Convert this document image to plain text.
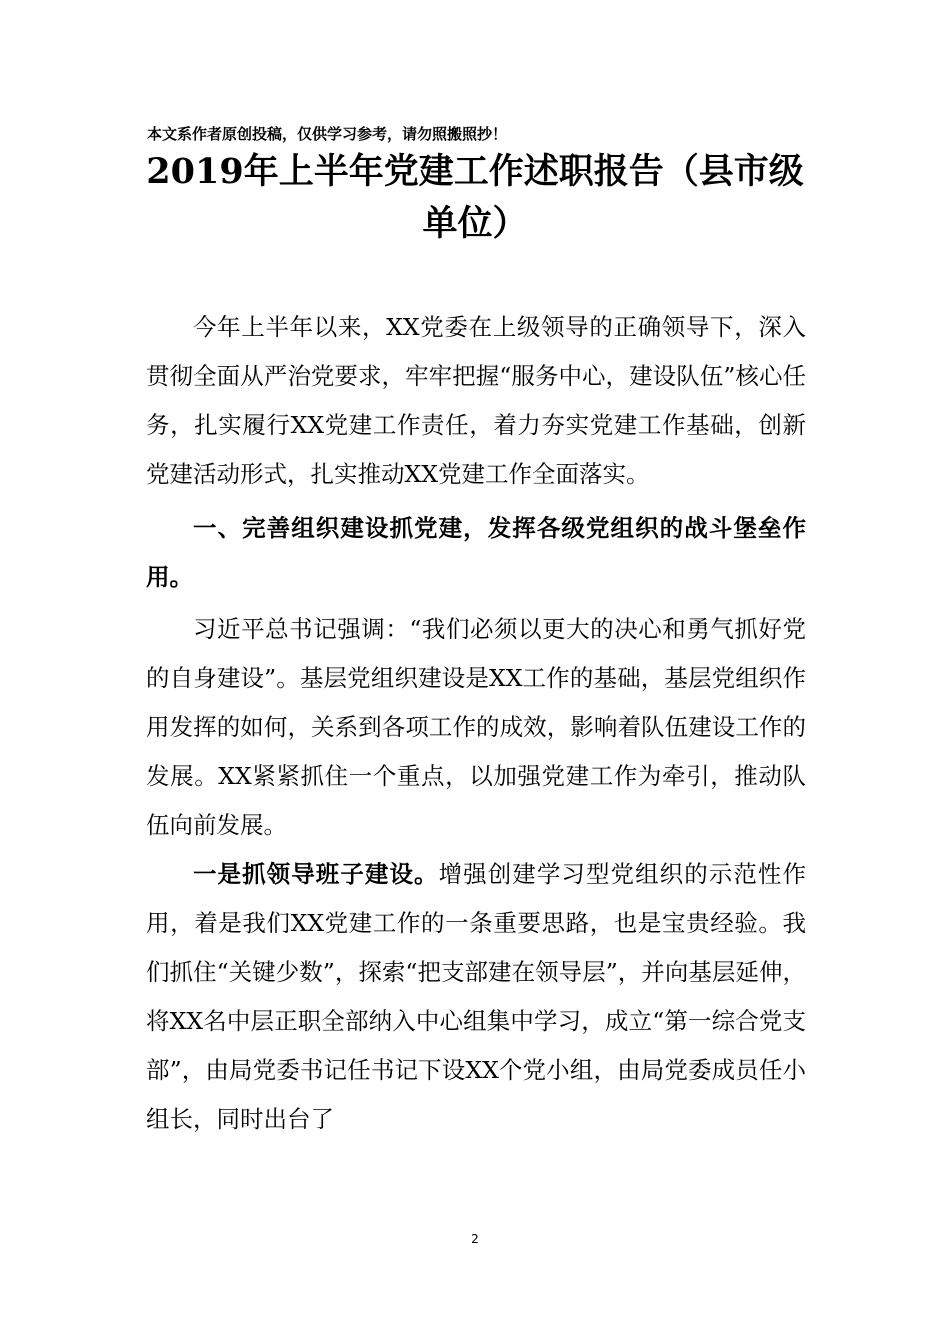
本文系作者原创投稿，仅供学习参考，请勿照搬照抄！
2019年上半年党建工作述职报告（县市级
单位）

今年上半年以来，XX党委在上级领导的正确领导下，深入贯彻全面从严治党要求，牢牢把握“服务中心，建设队伍”核心任务，扎实履行XX党建工作责任，着力夯实党建工作基础，创新党建活动形式，扎实推动XX党建工作全面落实。

一、完善组织建设抓党建，发挥各级党组织的战斗堡垒作用。

习近平总书记强调：“我们必须以更大的决心和勇气抓好党的自身建设”。基层党组织建设是XX工作的基础，基层党组织作用发挥的如何，关系到各项工作的成效，影响着队伍建设工作的发展。XX紧紧抓住一个重点，以加强党建工作为牵引，推动队伍向前发展。

一是抓领导班子建设。增强创建学习型党组织的示范性作用，着是我们XX党建工作的一条重要思路，也是宝贵经验。我们抓住“关键少数”，探索“把支部建在领导层”，并向基层延伸，将XX名中层正职全部纳入中心组集中学习，成立“第一综合党支部”，由局党委书记任书记下设XX个党小组，由局党委成员任小组长，同时出台了

2
